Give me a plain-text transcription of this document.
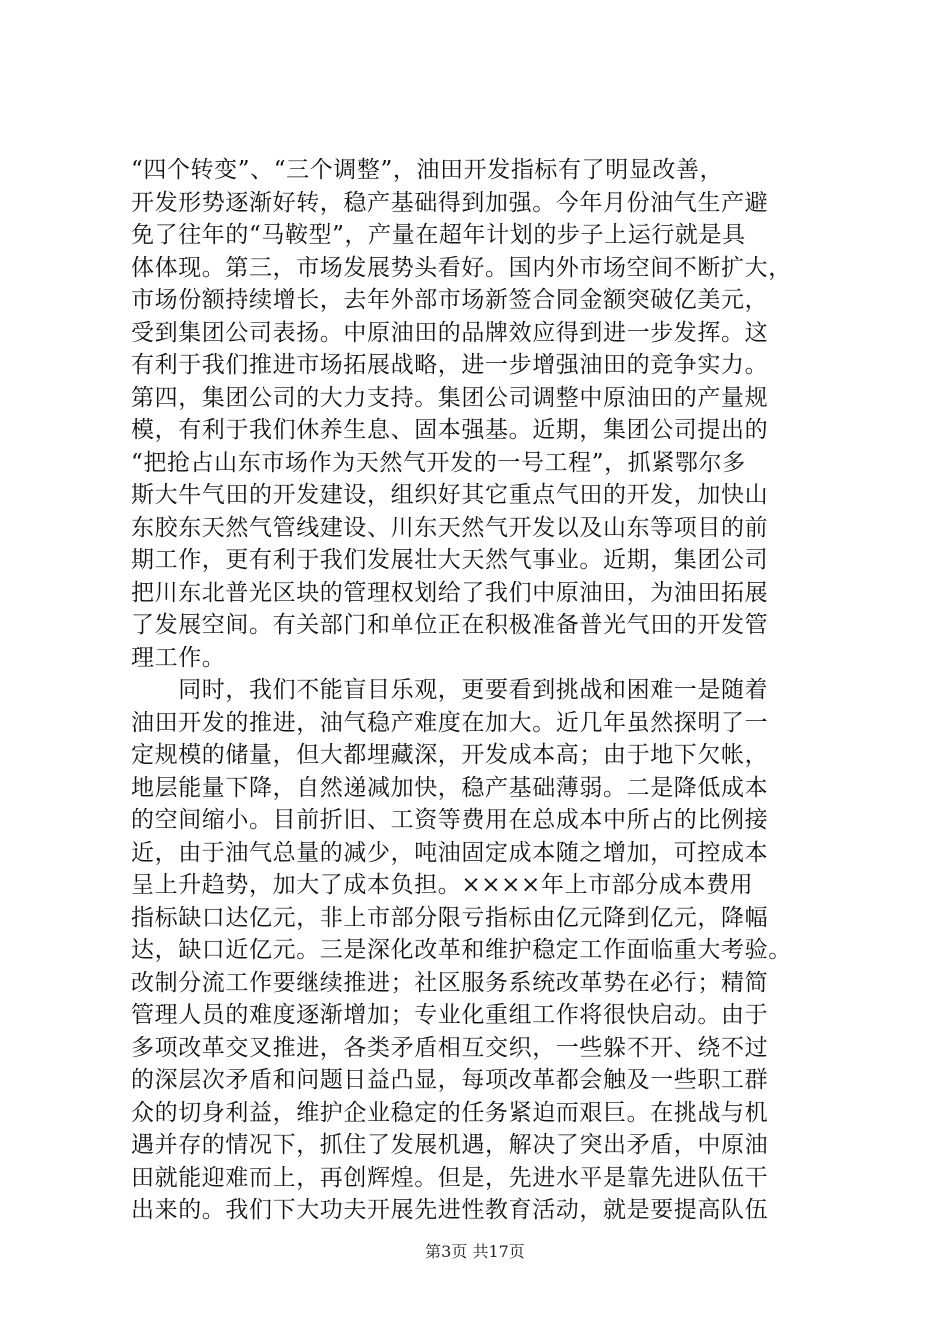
“四个转变”、“三个调整”，油田开发指标有了明显改善，
开发形势逐渐好转，稳产基础得到加强。今年月份油气生产避
免了往年的“马鞍型”，产量在超年计划的步子上运行就是具
体体现。第三，市场发展势头看好。国内外市场空间不断扩大，
市场份额持续增长，去年外部市场新签合同金额突破亿美元，
受到集团公司表扬。中原油田的品牌效应得到进一步发挥。这
有利于我们推进市场拓展战略，进一步增强油田的竞争实力。
第四，集团公司的大力支持。集团公司调整中原油田的产量规
模，有利于我们休养生息、固本强基。近期，集团公司提出的
“把抢占山东市场作为天然气开发的一号工程”，抓紧鄂尔多
斯大牛气田的开发建设，组织好其它重点气田的开发，加快山
东胶东天然气管线建设、川东天然气开发以及山东等项目的前
期工作，更有利于我们发展壮大天然气事业。近期，集团公司
把川东北普光区块的管理权划给了我们中原油田，为油田拓展
了发展空间。有关部门和单位正在积极准备普光气田的开发管
理工作。
　　同时，我们不能盲目乐观，更要看到挑战和困难一是随着
油田开发的推进，油气稳产难度在加大。近几年虽然探明了一
定规模的储量，但大都埋藏深，开发成本高；由于地下欠帐，
地层能量下降，自然递减加快，稳产基础薄弱。二是降低成本
的空间缩小。目前折旧、工资等费用在总成本中所占的比例接
近，由于油气总量的减少，吨油固定成本随之增加，可控成本
呈上升趋势，加大了成本负担。××××年上市部分成本费用
指标缺口达亿元，非上市部分限亏指标由亿元降到亿元，降幅
达，缺口近亿元。三是深化改革和维护稳定工作面临重大考验。
改制分流工作要继续推进；社区服务系统改革势在必行；精简
管理人员的难度逐渐增加；专业化重组工作将很快启动。由于
多项改革交叉推进，各类矛盾相互交织，一些躲不开、绕不过
的深层次矛盾和问题日益凸显，每项改革都会触及一些职工群
众的切身利益，维护企业稳定的任务紧迫而艰巨。在挑战与机
遇并存的情况下，抓住了发展机遇，解决了突出矛盾，中原油
田就能迎难而上，再创辉煌。但是，先进水平是靠先进队伍干
出来的。我们下大功夫开展先进性教育活动，就是要提高队伍
第3页 共17页
